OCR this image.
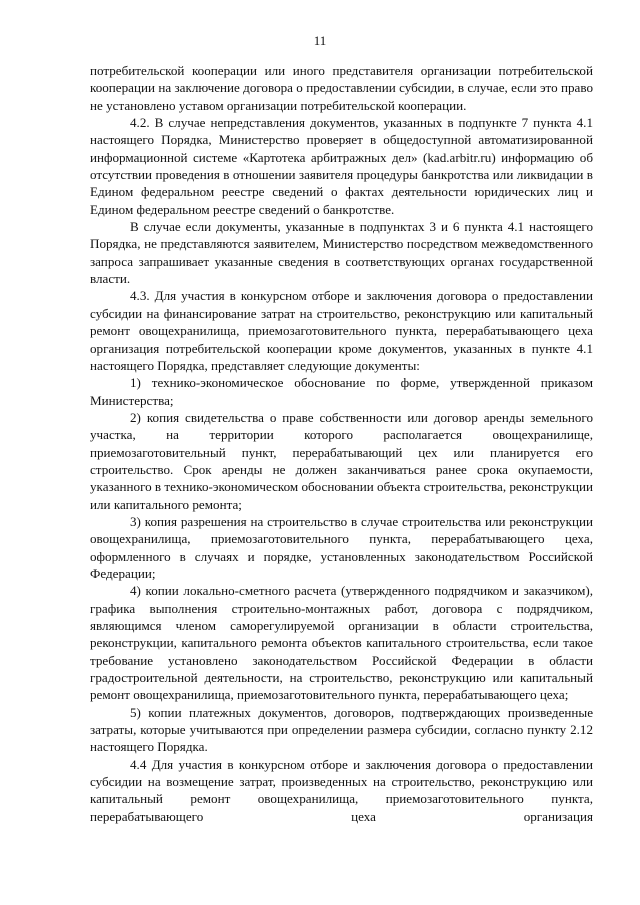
11

потребительской кооперации или иного представителя организации потребительской кооперации на заключение договора о предоставлении субсидии, в случае, если это право не установлено уставом организации потребительской кооперации.

4.2. В случае непредставления документов, указанных в подпункте 7 пункта 4.1 настоящего Порядка, Министерство проверяет в общедоступной автоматизированной информационной системе «Картотека арбитражных дел» (kad.arbitr.ru) информацию об отсутствии проведения в отношении заявителя процедуры банкротства или ликвидации в Едином федеральном реестре сведений о фактах деятельности юридических лиц и Едином федеральном реестре сведений о банкротстве.

В случае если документы, указанные в подпунктах 3 и 6 пункта 4.1 настоящего Порядка, не представляются заявителем, Министерство посредством межведомственного запроса запрашивает указанные сведения в соответствующих органах государственной власти.

4.3. Для участия в конкурсном отборе и заключения договора о предоставлении субсидии на финансирование затрат на строительство, реконструкцию или капитальный ремонт овощехранилища, приемозаготовительного пункта, перерабатывающего цеха организация потребительской кооперации кроме документов, указанных в пункте 4.1 настоящего Порядка, представляет следующие документы:

1) технико-экономическое обоснование по форме, утвержденной приказом Министерства;

2) копия свидетельства о праве собственности или договор аренды земельного участка, на территории которого располагается овощехранилище, приемозаготовительный пункт, перерабатывающий цех или планируется его строительство. Срок аренды не должен заканчиваться ранее срока окупаемости, указанного в технико-экономическом обосновании объекта строительства, реконструкции или капитального ремонта;

3) копия разрешения на строительство в случае строительства или реконструкции овощехранилища, приемозаготовительного пункта, перерабатывающего цеха, оформленного в случаях и порядке, установленных законодательством Российской Федерации;

4) копии локально-сметного расчета (утвержденного подрядчиком и заказчиком), графика выполнения строительно-монтажных работ, договора с подрядчиком, являющимся членом саморегулируемой организации в области строительства, реконструкции, капитального ремонта объектов капитального строительства, если такое требование установлено законодательством Российской Федерации в области градостроительной деятельности, на строительство, реконструкцию или капитальный ремонт овощехранилища, приемозаготовительного пункта, перерабатывающего цеха;

5) копии платежных документов, договоров, подтверждающих произведенные затраты, которые учитываются при определении размера субсидии, согласно пункту 2.12 настоящего Порядка.

4.4 Для участия в конкурсном отборе и заключения договора о предоставлении субсидии на возмещение затрат, произведенных на строительство, реконструкцию или капитальный ремонт овощехранилища, приемозаготовительного пункта, перерабатывающего цеха организация
